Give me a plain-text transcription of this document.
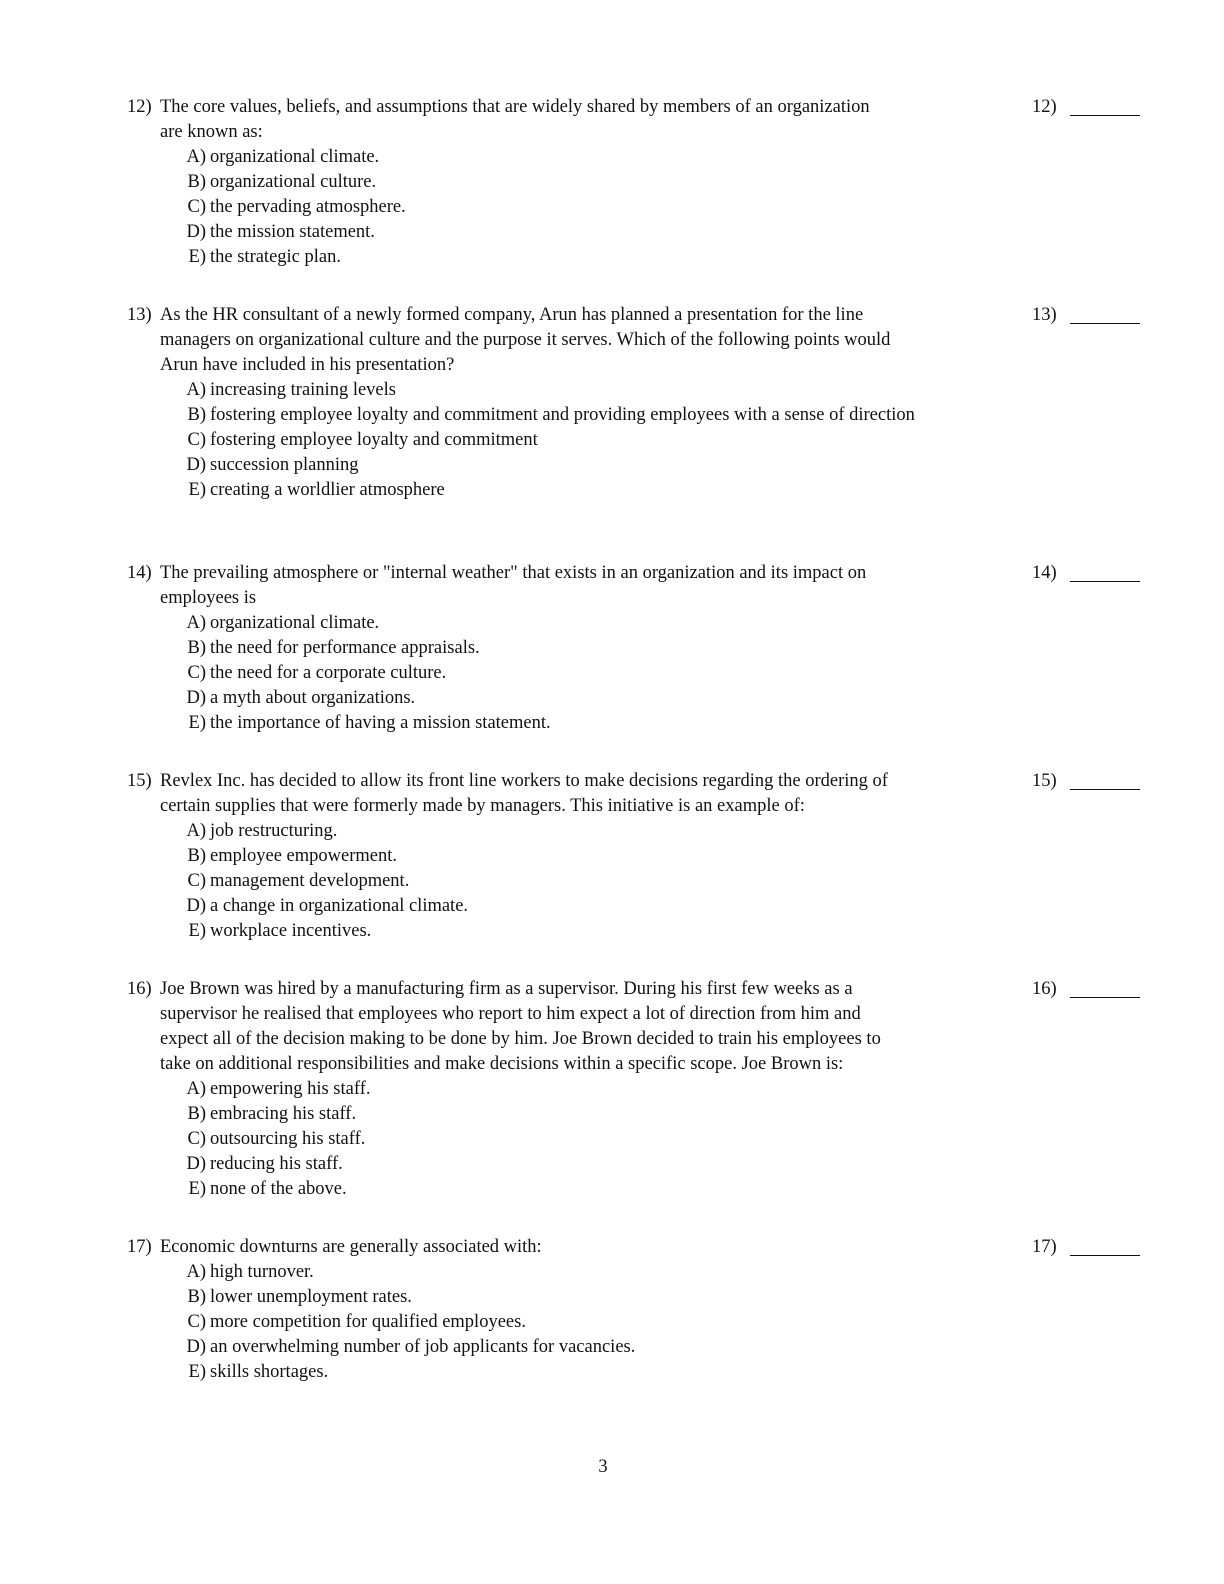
12) The core values, beliefs, and assumptions that are widely shared by members of an organization
are known as:
A) organizational climate.
B) organizational culture.
C) the pervading atmosphere.
D) the mission statement.
E) the strategic plan.
12)
13) As the HR consultant of a newly formed company, Arun has planned a presentation for the line
managers on organizational culture and the purpose it serves. Which of the following points would
Arun have included in his presentation?
A) increasing training levels
B) fostering employee loyalty and commitment and providing employees with a sense of direction
C) fostering employee loyalty and commitment
D) succession planning
E) creating a worldlier atmosphere
13)
14) The prevailing atmosphere or "internal weather" that exists in an organization and its impact on
employees is
A) organizational climate.
B) the need for performance appraisals.
C) the need for a corporate culture.
D) a myth about organizations.
E) the importance of having a mission statement.
14)
15) Revlex Inc. has decided to allow its front line workers to make decisions regarding the ordering of
certain supplies that were formerly made by managers. This initiative is an example of:
A) job restructuring.
B) employee empowerment.
C) management development.
D) a change in organizational climate.
E) workplace incentives.
15)
16) Joe Brown was hired by a manufacturing firm as a supervisor. During his first few weeks as a
supervisor he realised that employees who report to him expect a lot of direction from him and
expect all of the decision making to be done by him. Joe Brown decided to train his employees to
take on additional responsibilities and make decisions within a specific scope. Joe Brown is:
A) empowering his staff.
B) embracing his staff.
C) outsourcing his staff.
D) reducing his staff.
E) none of the above.
16)
17) Economic downturns are generally associated with:
A) high turnover.
B) lower unemployment rates.
C) more competition for qualified employees.
D) an overwhelming number of job applicants for vacancies.
E) skills shortages.
17)
3
